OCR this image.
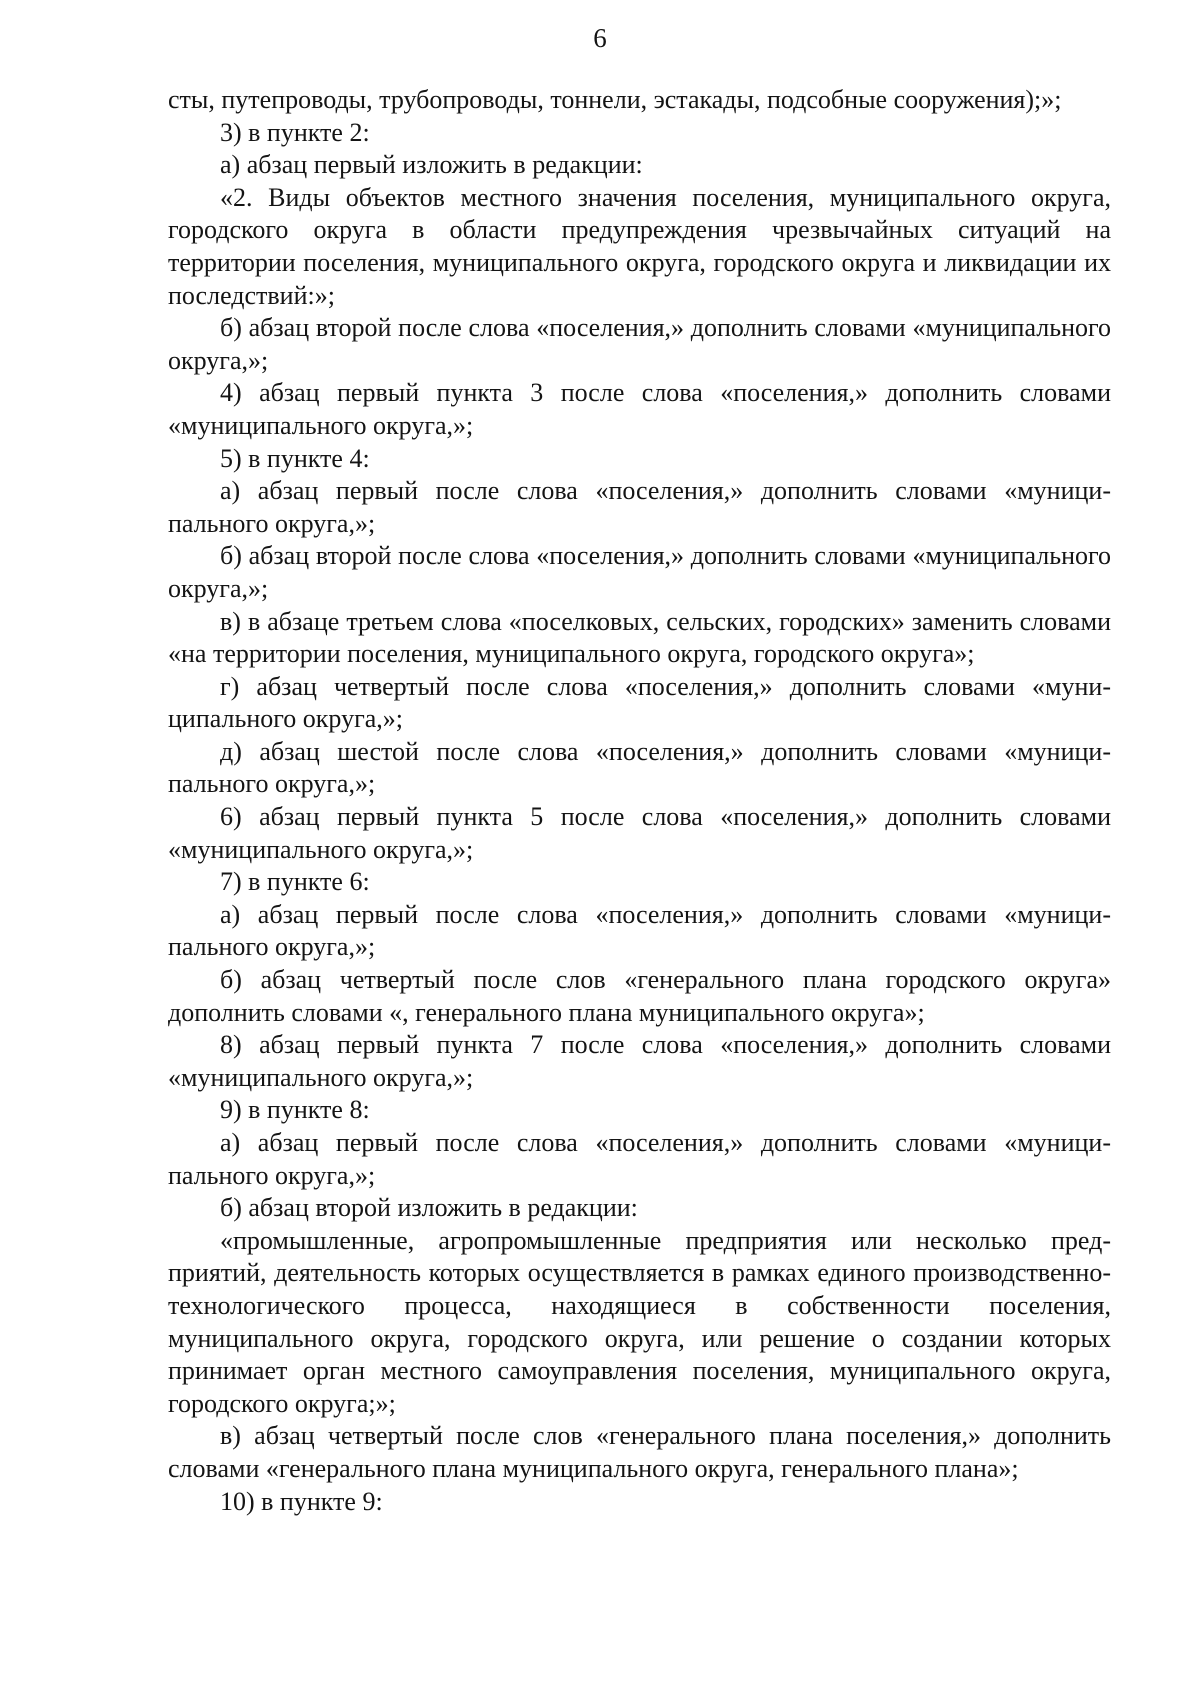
6

сты, путепроводы, трубопроводы, тоннели, эстакады, подсобные сооружения);»;

3) в пункте 2:

а) абзац первый изложить в редакции:

«2. Виды объектов местного значения поселения, муниципального округа, городского округа в области предупреждения чрезвычайных ситуаций на территории поселения, муниципального округа, городского округа и ликвидации их последствий:»;

б) абзац второй после слова «поселения,» дополнить словами «муниципального округа,»;

4) абзац первый пункта 3 после слова «поселения,» дополнить словами «муниципального округа,»;

5) в пункте 4:

а) абзац первый после слова «поселения,» дополнить словами «муниципального округа,»;

б) абзац второй после слова «поселения,» дополнить словами «муниципального округа,»;

в) в абзаце третьем слова «поселковых, сельских, городских» заменить словами «на территории поселения, муниципального округа, городского округа»;

г) абзац четвертый после слова «поселения,» дополнить словами «муниципального округа,»;

д) абзац шестой после слова «поселения,» дополнить словами «муниципального округа,»;

6) абзац первый пункта 5 после слова «поселения,» дополнить словами «муниципального округа,»;

7) в пункте 6:

а) абзац первый после слова «поселения,» дополнить словами «муниципального округа,»;

б) абзац четвертый после слов «генерального плана городского округа» дополнить словами «, генерального плана муниципального округа»;

8) абзац первый пункта 7 после слова «поселения,» дополнить словами «муниципального округа,»;

9) в пункте 8:

а) абзац первый после слова «поселения,» дополнить словами «муниципального округа,»;

б) абзац второй изложить в редакции:

«промышленные, агропромышленные предприятия или несколько предприятий, деятельность которых осуществляется в рамках единого производственно-технологического процесса, находящиеся в собственности поселения, муниципального округа, городского округа, или решение о создании которых принимает орган местного самоуправления поселения, муниципального округа, городского округа;»;

в) абзац четвертый после слов «генерального плана поселения,» дополнить словами «генерального плана муниципального округа, генерального плана»;

10) в пункте 9:
